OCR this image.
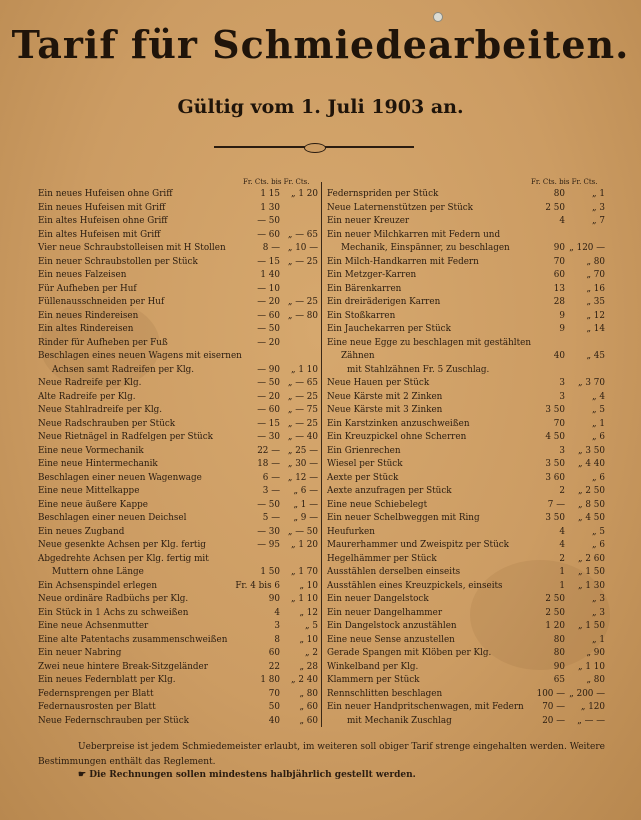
Tarif für Schmiedearbeiten.
Gültig vom 1. Juli 1903 an.
Fr. Cts. bis Fr. Cts.	Fr. Cts. bis Fr. Cts.
Ein neues Hufeisen ohne Griff	1 15 „ 1 20
Ein neues Hufeisen mit Griff	1 30
Ein altes Hufeisen ohne Griff	— 50
Ein altes Hufeisen mit Griff	— 60 „ — 65
Vier neue Schraubstolleisen mit H Stollen	8 — „ 10 —
Ein neuer Schraubstollen per Stück	— 15 „ — 25
Ein neues Falzeisen	1 40
Für Aufheben per Huf	— 10
Füllenausschneiden per Huf	— 20 „ — 25
Ein neues Rindereisen	— 60 „ — 80
Ein altes Rindereisen	— 50
Rinder für Aufheben per Fuß	— 20
Beschlagen eines neuen Wagens mit eisernen
Achsen samt Radreifen per Klg.	— 90 „ 1 10
Neue Radreife per Klg.	— 50 „ — 65
Alte Radreife per Klg.	— 20 „ — 25
Neue Stahlradreife per Klg.	— 60 „ — 75
Neue Radschrauben per Stück	— 15 „ — 25
Neue Rietnägel in Radfelgen per Stück	— 30 „ — 40
Eine neue Vormechanik	22 — „ 25 —
Eine neue Hintermechanik	18 — „ 30 —
Beschlagen einer neuen Wagenwage	6 — „ 12 —
Eine neue Mittelkappe	3 — „ 6 —
Eine neue äußere Kappe	— 50 „ 1 —
Beschlagen einer neuen Deichsel	5 — „ 9 —
Ein neues Zugband	— 30 „ — 50
Neue gesenkte Achsen per Klg. fertig	— 95 „ 1 20
Abgedrehte Achsen per Klg. fertig mit
Muttern ohne Länge	1 50 „ 1 70
Ein Achsenspindel erlegen	Fr. 4 bis 6 „ 10
Neue ordinäre Radbüchs per Klg.	90 „ 1 10
Ein Stück in 1 Achs zu schweißen	4 „ 12
Eine neue Achsenmutter	3	„ 5
Eine alte Patentachs zusammenschweißen	8 „ 10
Ein neuer Nabring	60	„ 2
Zwei neue hintere Break-Sitzgeländer	22 „ 28
Ein neues Federnblatt per Klg.	1 80 „ 2 40
Federnsprengen per Blatt	70 „ 80
Federnausrosten per Blatt	50 „ 60
Neue Federnschrauben per Stück	40 „ 60
Federnspriden per Stück	80	„ 1
Neue Laternenstützen per Stück	2 50	„ 3
Ein neuer Kreuzer	4	„ 7
Ein neuer Milchkarren mit Federn und
Mechanik, Einspänner, zu beschlagen	90 „ 120 —
Ein Milch-Handkarren mit Federn	70 „ 80
Ein Metzger-Karren	60 „ 70
Ein Bärenkarren	13 „ 16
Ein dreiräderigen Karren	28 „ 35
Ein Stoßkarren	9 „ 12
Ein Jauchekarren per Stück	9 „ 14
Eine neue Egge zu beschlagen mit gestählten
Zähnen	40 „ 45
mit Stahlzähnen Fr. 5 Zuschlag.
Neue Hauen per Stück	3 „ 3 70
Neue Kärste mit 2 Zinken	3	„ 4
Neue Kärste mit 3 Zinken	3 50	„ 5
Ein Karstzinken anzuschweißen	70	„ 1
Ein Kreuzpickel ohne Scherren	4 50	„ 6
Ein Grienrechen	3 „ 3 50
Wiesel per Stück	3 50 „ 4 40
Aexte per Stück	3 60	„ 6
Aexte anzufragen per Stück	2 „ 2 50
Eine neue Schiebelegt	7 — „ 8 50
Ein neuer Schelbweggen mit Ring	3 50 „ 4 50
Heufurken	4	„ 5
Maurerhammer und Zweispitz per Stück	4	„ 6
Hegelhämmer per Stück	2 „ 2 60
Ausstählen derselben einseits	1 „ 1 50
Ausstählen eines Kreuzpickels, einseits	1 „ 1 30
Ein neuer Dangelstock	2 50	„ 3
Ein neuer Dangelhammer	2 50	„ 3
Ein Dangelstock anzustählen	1 20 „ 1 50
Eine neue Sense anzustellen	80	„ 1
Gerade Spangen mit Klöben per Klg.	80 „ 90
Winkelband per Klg.	90 „ 1 10
Klammern per Stück	65 „ 80
Rennschlitten beschlagen	100 — „ 200 —
Ein neuer Handpritschenwagen, mit Federn 70 — „ 120
mit Mechanik Zuschlag	20 — „ — —
Ueberpreise ist jedem Schmiedemeister erlaubt, im weiteren soll obiger Tarif strenge eingehalten werden. Weitere Bestimmungen enthält das Reglement.
☛ Die Rechnungen sollen mindestens halbjährlich gestellt werden.
